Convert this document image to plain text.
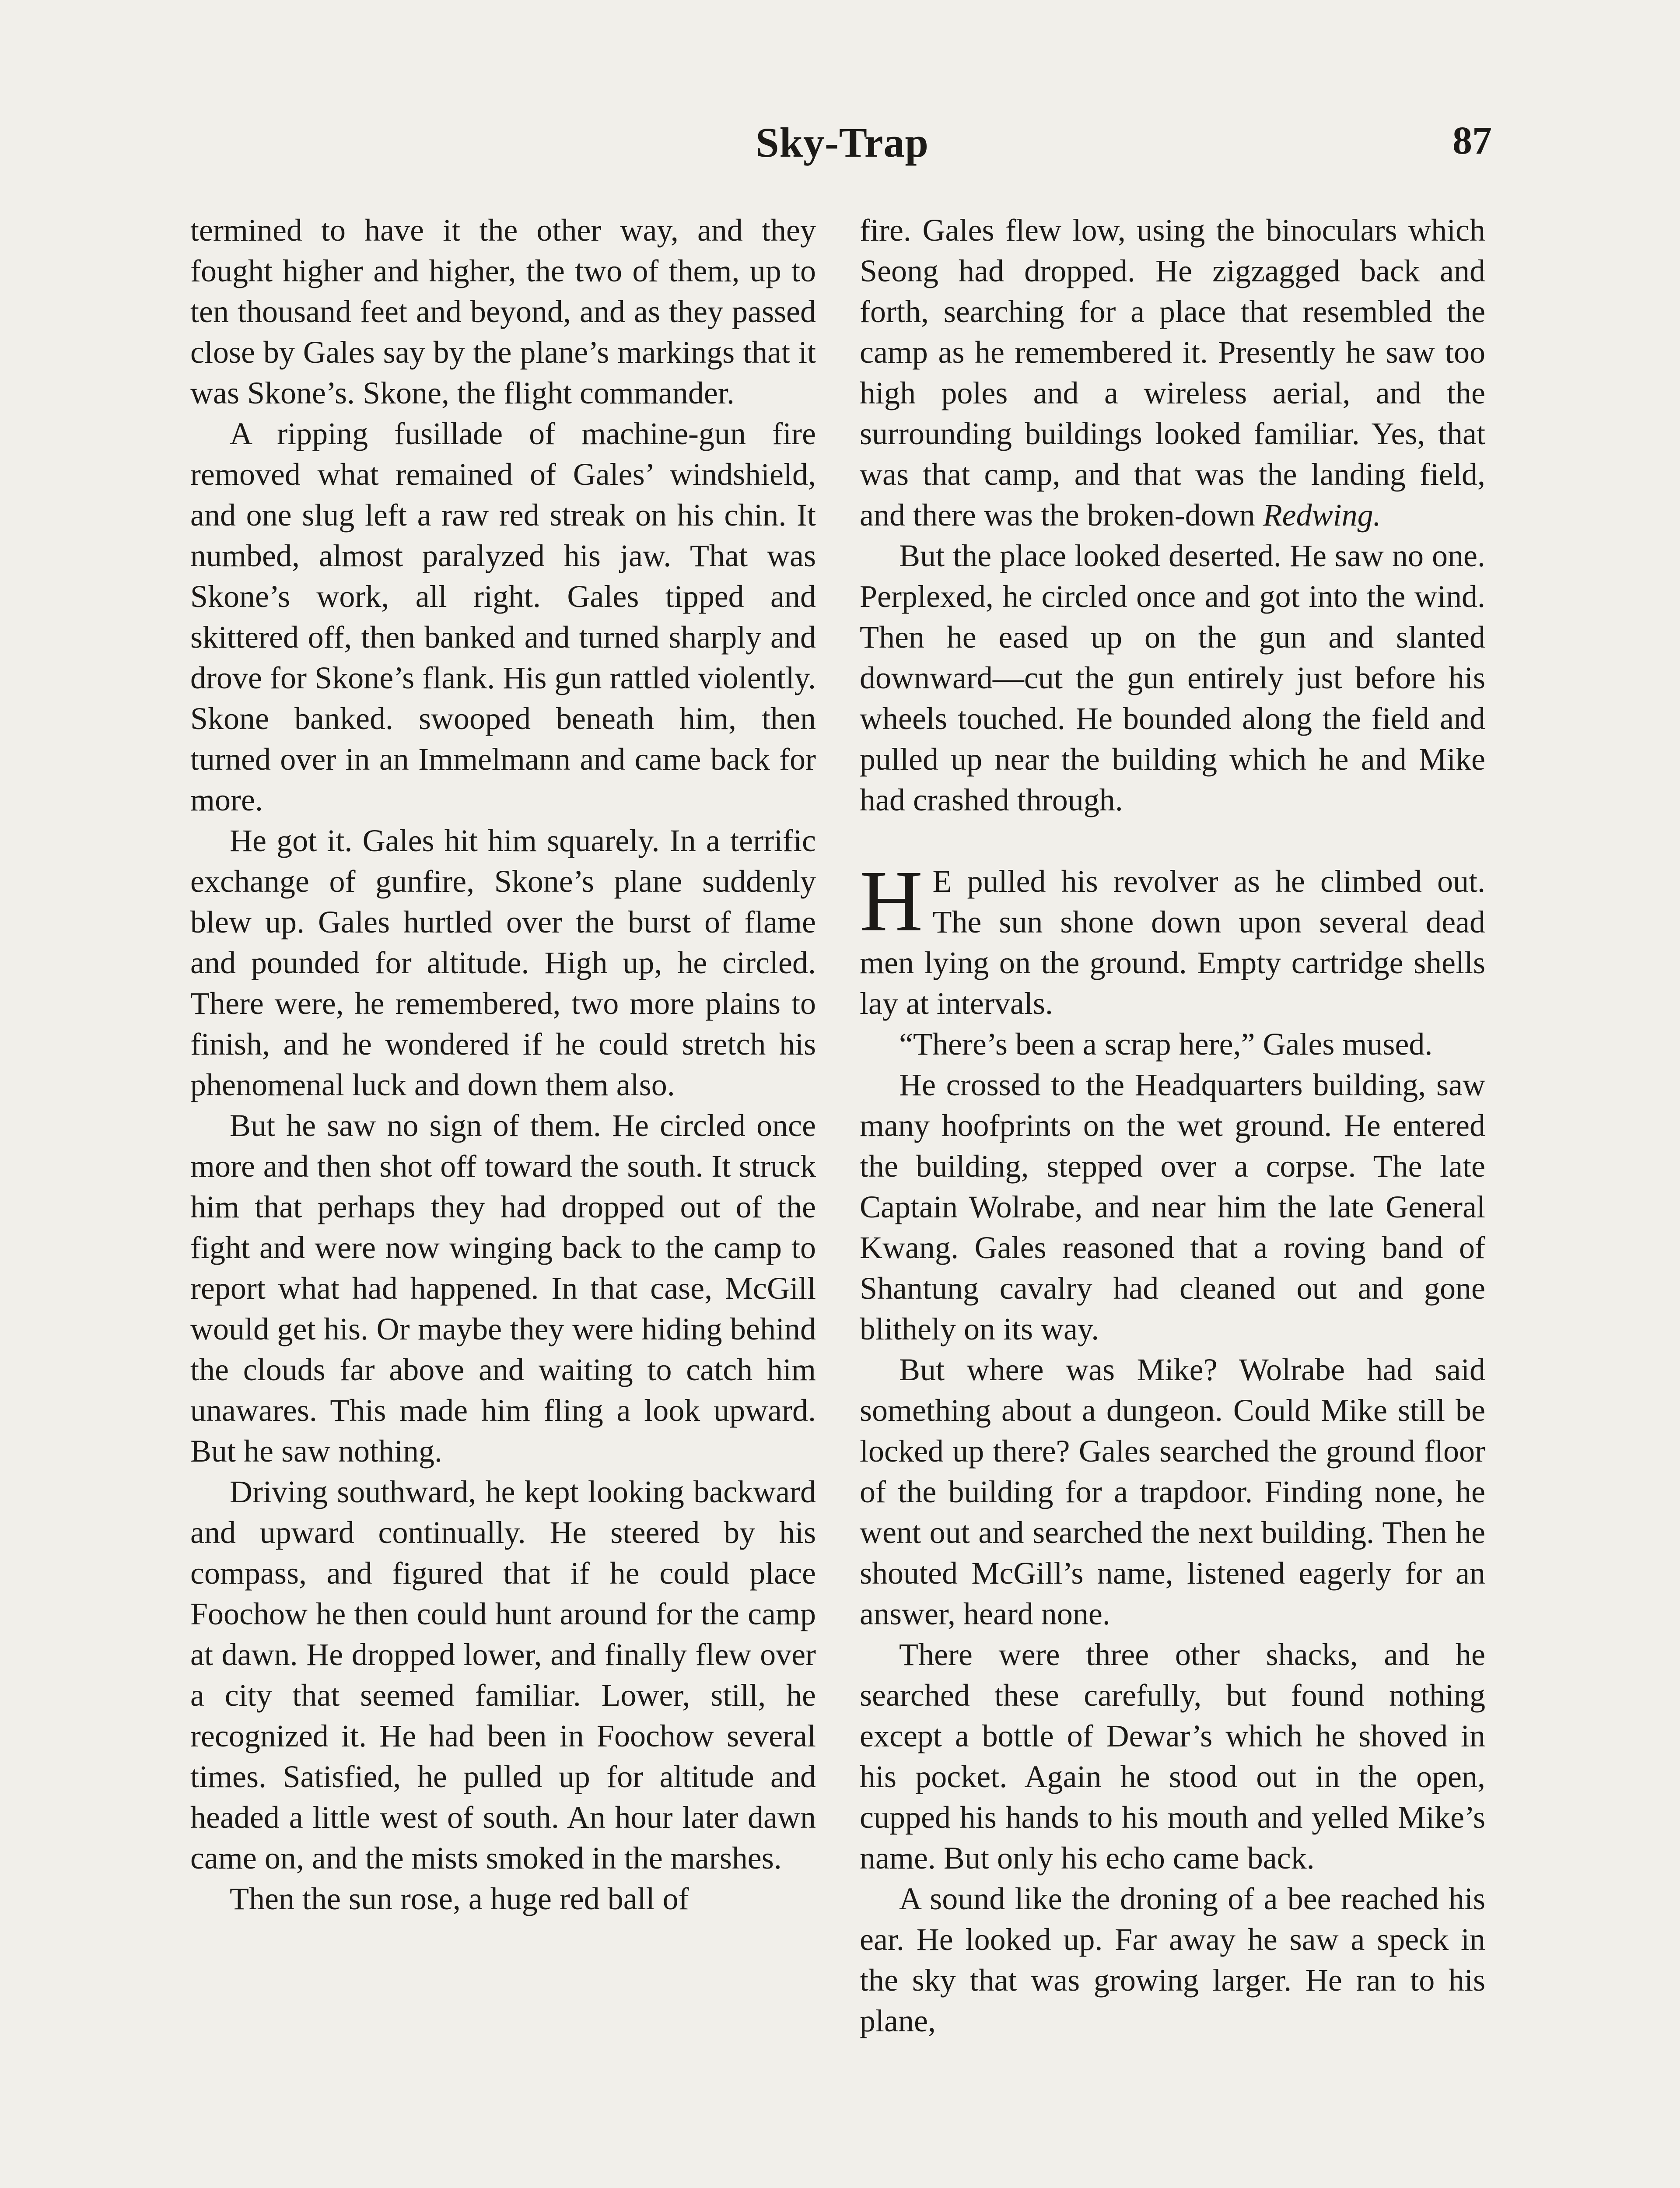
Sky-Trap	87

termined to have it the other way, and they fought higher and higher, the two of them, up to ten thousand feet and beyond, and as they passed close by Gales say by the plane’s markings that it was Skone’s. Skone, the flight commander.

A ripping fusillade of machine-gun fire removed what remained of Gales’ windshield, and one slug left a raw red streak on his chin. It numbed, almost paralyzed his jaw. That was Skone’s work, all right. Gales tipped and skittered off, then banked and turned sharply and drove for Skone’s flank. His gun rattled violently. Skone banked. swooped beneath him, then turned over in an Immelmann and came back for more.

He got it. Gales hit him squarely. In a terrific exchange of gunfire, Skone’s plane suddenly blew up. Gales hurtled over the burst of flame and pounded for altitude. High up, he circled. There were, he remembered, two more plains to finish, and he wondered if he could stretch his phenomenal luck and down them also.

But he saw no sign of them. He circled once more and then shot off toward the south. It struck him that perhaps they had dropped out of the fight and were now winging back to the camp to report what had happened. In that case, McGill would get his. Or maybe they were hiding behind the clouds far above and waiting to catch him unawares. This made him fling a look upward. But he saw nothing.

Driving southward, he kept looking backward and upward continually. He steered by his compass, and figured that if he could place Foochow he then could hunt around for the camp at dawn. He dropped lower, and finally flew over a city that seemed familiar. Lower, still, he recognized it. He had been in Foochow several times. Satisfied, he pulled up for altitude and headed a little west of south. An hour later dawn came on, and the mists smoked in the marshes.

Then the sun rose, a huge red ball of

fire. Gales flew low, using the binoculars which Seong had dropped. He zigzagged back and forth, searching for a place that resembled the camp as he remembered it. Presently he saw too high poles and a wireless aerial, and the surrounding buildings looked familiar. Yes, that was that camp, and that was the landing field, and there was the broken-down Redwing.

But the place looked deserted. He saw no one. Perplexed, he circled once and got into the wind. Then he eased up on the gun and slanted downward—cut the gun entirely just before his wheels touched. He bounded along the field and pulled up near the building which he and Mike had crashed through.

H E pulled his revolver as he climbed out. The sun shone down upon several dead men lying on the ground. Empty cartridge shells lay at intervals.

“There’s been a scrap here,” Gales mused.

He crossed to the Headquarters building, saw many hoofprints on the wet ground. He entered the building, stepped over a corpse. The late Captain Wolrabe, and near him the late General Kwang. Gales reasoned that a roving band of Shantung cavalry had cleaned out and gone blithely on its way.

But where was Mike? Wolrabe had said something about a dungeon. Could Mike still be locked up there? Gales searched the ground floor of the building for a trapdoor. Finding none, he went out and searched the next building. Then he shouted McGill’s name, listened eagerly for an answer, heard none.

There were three other shacks, and he searched these carefully, but found nothing except a bottle of Dewar’s which he shoved in his pocket. Again he stood out in the open, cupped his hands to his mouth and yelled Mike’s name. But only his echo came back.

A sound like the droning of a bee reached his ear. He looked up. Far away he saw a speck in the sky that was growing larger. He ran to his plane,
